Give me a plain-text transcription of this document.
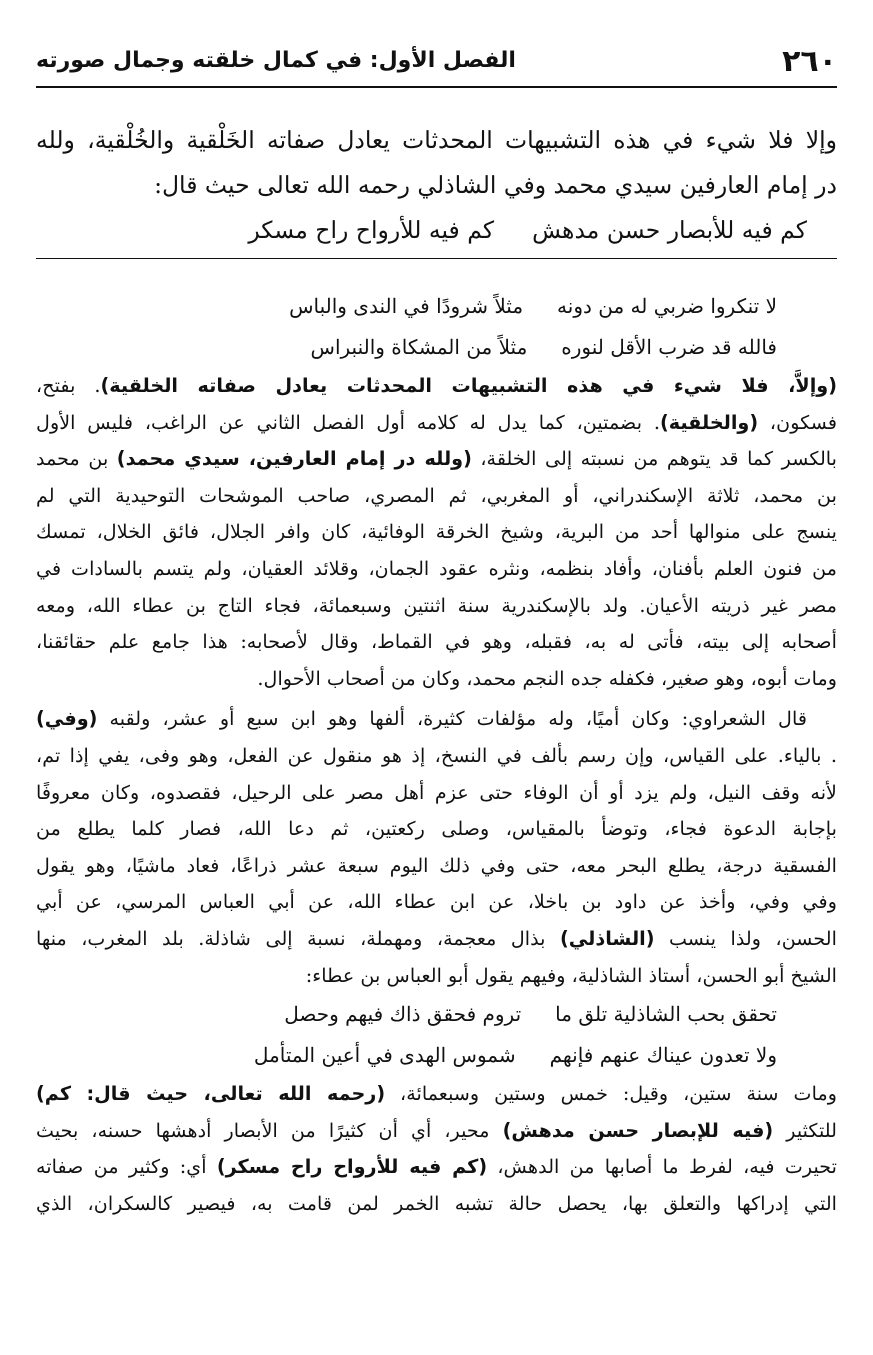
٢٦٠
الفصل الأول: في كمال خلقته وجمال صورته

وإلا فلا شيء في هذه التشبيهات المحدثات يعادل صفاته الخَلْقية والخُلْقية، ولله

در إمام العارفين سيدي محمد وفي الشاذلي رحمه الله تعالى حيث قال:

كم فيه للأبصار حسن مدهش
كم فيه للأرواح راح مسكر
لا تنكروا ضربي له من دونه
مثلاً شرودًا في الندى والباس
فالله قد ضرب الأقل لنوره
مثلاً من المشكاة والنبراس
(وإلاَّ، فلا شيء في هذه التشبيهات المحدثات يعادل صفاته الخلقية). بفتح،
فسكون، (والخلقية). بضمتين، كما يدل له كلامه أول الفصل الثاني عن الراغب، فليس الأول
بالكسر كما قد يتوهم من نسبته إلى الخلقة، (ولله در إمام العارفين، سيدي محمد) بن محمد
بن محمد، ثلاثة الإسكندراني، أو المغربي، ثم المصري، صاحب الموشحات التوحيدية التي لم
ينسج على منوالها أحد من البرية، وشيخ الخرقة الوفائية، كان وافر الجلال، فائق الخلال، تمسك
من فنون العلم بأفنان، وأفاد بنظمه، ونثره عقود الجمان، وقلائد العقيان، ولم يتسم بالسادات في
مصر غير ذريته الأعيان. ولد بالإسكندرية سنة اثنتين وسبعمائة، فجاء التاج بن عطاء الله، ومعه
أصحابه إلى بيته، فأتى له به، فقبله، وهو في القماط، وقال لأصحابه: هذا جامع علم حقائقنا،
ومات أبوه، وهو صغير، فكفله جده النجم محمد، وكان من أصحاب الأحوال.
قال الشعراوي: وكان أميًا، وله مؤلفات كثيرة، ألفها وهو ابن سبع أو عشر، ولقبه (وفي)
. بالياء. على القياس، وإن رسم بألف في النسخ، إذ هو منقول عن الفعل، وهو وفى، يفي إذا تم،
لأنه وقف النيل، ولم يزد أو أن الوفاء حتى عزم أهل مصر على الرحيل، فقصدوه، وكان معروفًا
بإجابة الدعوة فجاء، وتوضأ بالمقياس، وصلى ركعتين، ثم دعا الله، فصار كلما يطلع من
الفسقية درجة، يطلع البحر معه، حتى وفي ذلك اليوم سبعة عشر ذراعًا، فعاد ماشيًا، وهو يقول
وفي وفي، وأخذ عن داود بن باخلا، عن ابن عطاء الله، عن أبي العباس المرسي، عن أبي
الحسن، ولذا ينسب (الشاذلي) بذال معجمة، ومهملة، نسبة إلى شاذلة. بلد المغرب، منها
الشيخ أبو الحسن، أستاذ الشاذلية، وفيهم يقول أبو العباس بن عطاء:
تحقق بحب الشاذلية تلق ما
تروم فحقق ذاك فيهم وحصل
ولا تعدون عيناك عنهم فإنهم
شموس الهدى في أعين المتأمل
ومات سنة ستين، وقيل: خمس وستين وسبعمائة، (رحمه الله تعالى، حيث قال: كم)
للتكثير (فيه للإبصار حسن مدهش) محير، أي أن كثيرًا من الأبصار أدهشها حسنه، بحيث
تحيرت فيه، لفرط ما أصابها من الدهش، (كم فيه للأرواح راح مسكر) أي: وكثير من صفاته
التي إدراكها والتعلق بها، يحصل حالة تشبه الخمر لمن قامت به، فيصير كالسكران، الذي
